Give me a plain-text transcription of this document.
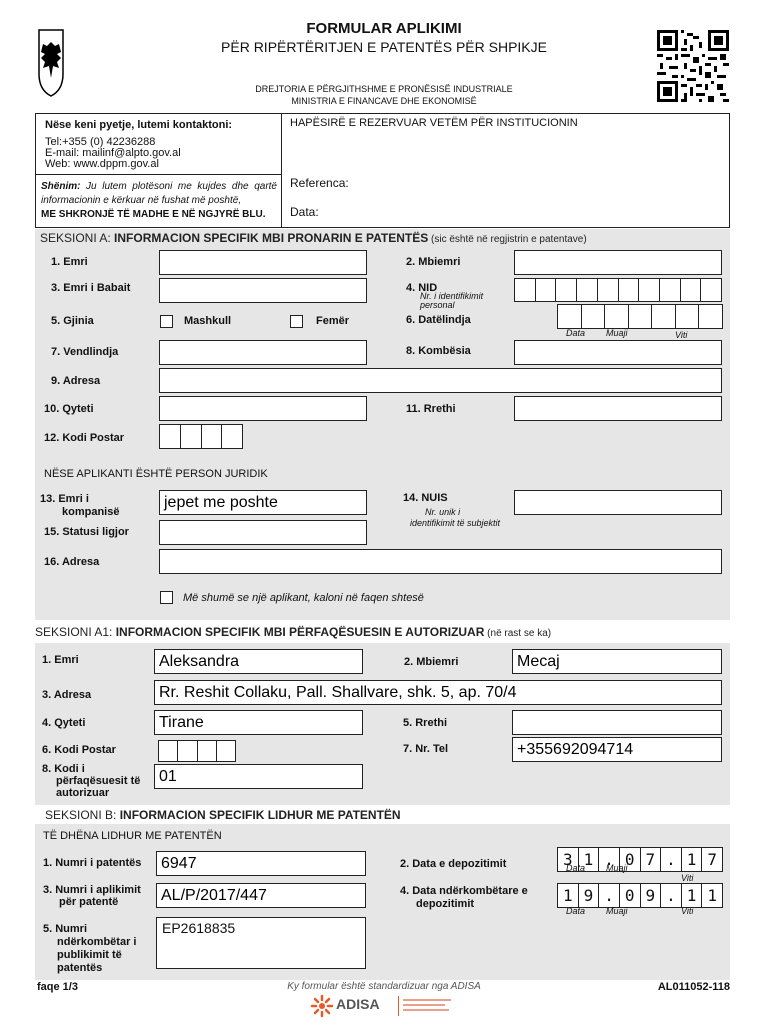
FORMULAR APLIKIMI
PËR RIPËRTËRITJEN E PATENTËS PËR SHPIKJE
DREJTORIA E PËRGJITHSHME E PRONËSISË INDUSTRIALE
MINISTRIA E FINANCAVE DHE EKONOMISË
Nëse keni pyetje, lutemi kontaktoni:
Tel:+355 (0) 42236288
E-mail: mailinf@alpto.gov.al
Web: www.dppm.gov.al
Shënim: Ju lutem plotësoni me kujdes dhe qartë informacionin e kërkuar në fushat më poshtë,
ME SHKRONJË TË MADHE E NË NGJYRË BLU.
HAPËSIRË E REZERVUAR VETËM PËR INSTITUCIONIN
Referenca:
Data:
SEKSIONI A: INFORMACION SPECIFIK MBI PRONARIN E PATENTËS (sic është në regjistrin e patentave)
1. Emri	2. Mbiemri
3. Emri i Babait	4. NID
Nr. i identifikimit personal
5. Gjinia	Mashkull	Femër	6. Datëlindja
Data Muaji	Viti
7. Vendlindja	8. Kombësia
9. Adresa
10. Qyteti	11. Rrethi
12. Kodi Postar
NËSE APLIKANTI ËSHTË PERSON JURIDIK
13. Emri i
kompanisë
jepet me poshte	14. NUIS
Nr. unik i
identifikimit të subjektit
15. Statusi ligjor
16. Adresa
Më shumë se një aplikant, kaloni në faqen shtesë
SEKSIONI A1: INFORMACION SPECIFIK MBI PËRFAQËSUESIN E AUTORIZUAR (në rast se ka)
1. Emri	Aleksandra	2. Mbiemri	Mecaj
3. Adresa	Rr. Reshit Collaku, Pall. Shallvare, shk. 5, ap. 70/4
4. Qyteti	Tirane	5. Rrethi
6. Kodi Postar	7. Nr. Tel	+355692094714
8. Kodi i
përfaqësuesit të
autorizuar
01
SEKSIONI B: INFORMACION SPECIFIK LIDHUR ME PATENTËN
TË DHËNA LIDHUR ME PATENTËN
1. Numri i patentës	6947	2. Data e depozitimit	3 1 . 0 7 . 1 7
Data Muaji
Viti
3. Numri i aplikimit
për patentë	AL/P/2017/447	4. Data ndërkombëtare e
depozitimit	1 9 . 0 9 . 1 1
Data Muaji	Viti
5. Numri
ndërkombëtar i
publikimit të
patentës
EP2618835
faqe 1/3	Ky formular është standardizuar nga ADISA	AL011052-118
ADISA
